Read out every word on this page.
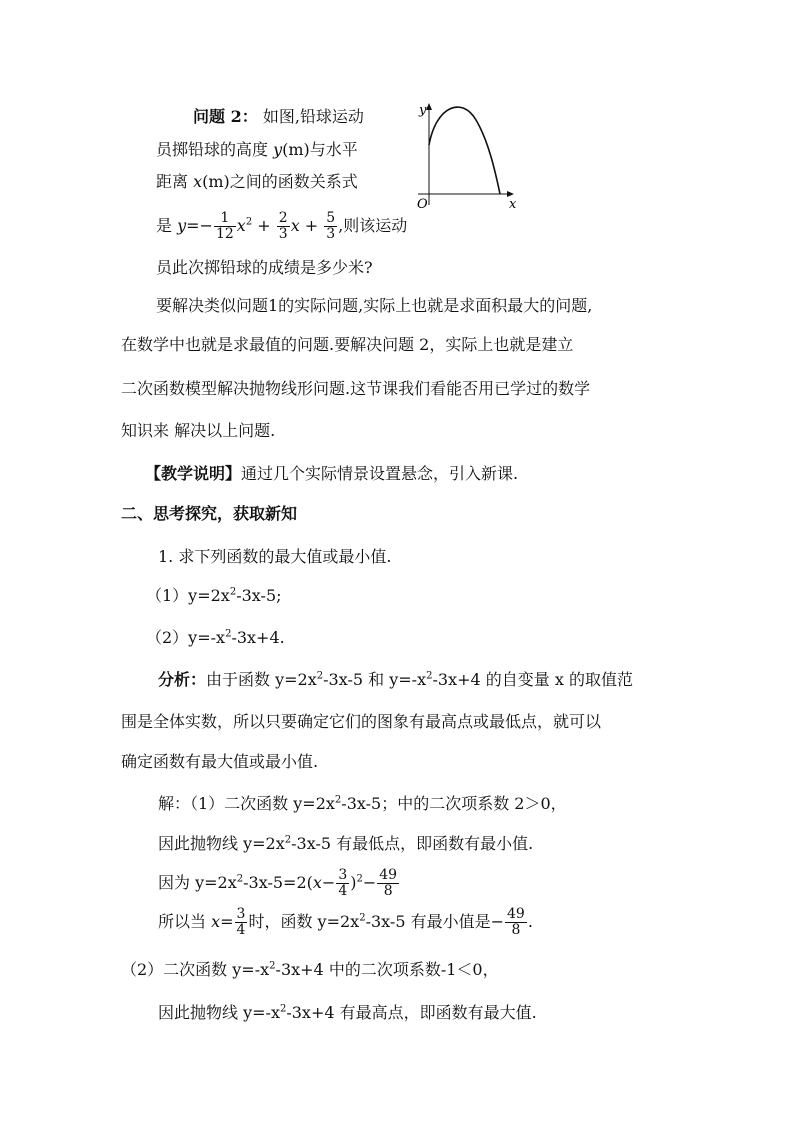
问题 2： 如图,铅球运动
员掷铅球的高度 y(m)与水平
距离 x(m)之间的函数关系式
是 $y=- \frac{1}{12} x^2 + \frac{2}{3}$ $x + \frac{5}{3}$ ,则该运动
员此次掷铅球的成绩是多少米?
y
x
O
要解决类似问题1的实际问题,实际上也就是求面积最大的问题,
在数学中也就是求最值的问题.要解决问题 2，实际上也就是建立
二次函数模型解决抛物线形问题.这节课我们看能否用已学过的数学
知识来 解决以上问题.
【教学说明】通过几个实际情景设置悬念，引入新课.
二、思考探究，获取新知
1. 求下列函数的最大值或最小值.
$(1)y=2x^2-3x-5$;
$(2)y=-x^2-3x+4$.
分析：由于函数 $y=2x^2-3x-5$ 和 $y=-x^2-3x+4$ 的自变量 x 的取值范
围是全体实数，所以只要确定它们的图象有最高点或最低点，就可以
确定函数有最大值或最小值.
解：（1）二次函数 $y=2x^2-3x-5$；中的二次项系数 2＞0，
因此抛物线 $y=2x^2-3x-5$ 有最低点，即函数有最小值.
因为 $y=2x^2-3x-5=2(x- \frac{3}{4} )^2- \frac{49}{8}$
所以当 $x= \frac{3}{4}$ 时，函数 $y=2x^2-3x-5$ 有最小值是− $\frac{49}{8}$ .
（2）二次函数 $y=-x^2-3x+4$ 中的二次项系数-1＜0，
因此抛物线 $y=-x^2-3x+4$ 有最高点，即函数有最大值.
